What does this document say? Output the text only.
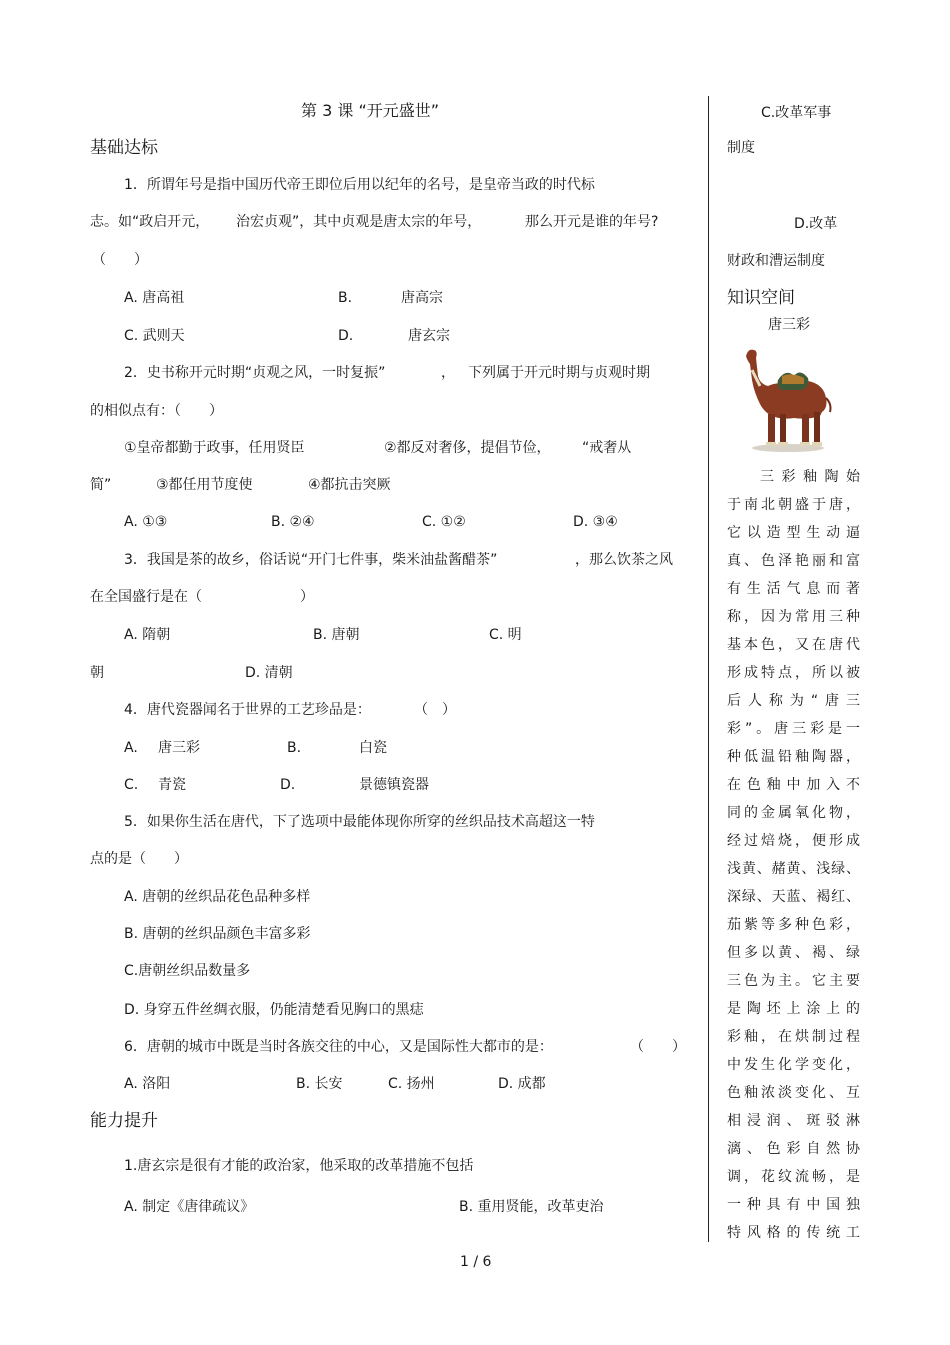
第 3 课 “开元盛世”
基础达标
1．所谓年号是指中国历代帝王即位后用以纪年的名号，是皇帝当政的时代标
志。如“政启开元， 治宏贞观”，其中贞观是唐太宗的年号，	那么开元是谁的年号?
（　　）
A. 唐高祖	B.	唐高宗
C. 武则天	D.	唐玄宗
2．史书称开元时期“贞观之风，一时复振”	， 下列属于开元时期与贞观时期
的相似点有：（　　）
①皇帝都勤于政事，任用贤臣	②都反对奢侈，提倡节俭， “戒奢从
简”	③都任用节度使	④都抗击突厥
A. ①③	B. ②④	C. ①②	D. ③④
3．我国是茶的故乡，俗话说“开门七件事，柴米油盐酱醋茶”	，那么饮茶之风
在全国盛行是在（	）
A. 隋朝	B. 唐朝	C. 明
朝	D. 清朝
4．唐代瓷器闻名于世界的工艺珍品是：	（　）
A. 唐三彩	B.	白瓷
C. 青瓷	D.	景德镇瓷器
5．如果你生活在唐代，下了选项中最能体现你所穿的丝织品技术高超这一特
点的是（　　）
A. 唐朝的丝织品花色品种多样
B. 唐朝的丝织品颜色丰富多彩
C.唐朝丝织品数量多
D. 身穿五件丝绸衣服，仍能清楚看见胸口的黑痣
6．唐朝的城市中既是当时各族交往的中心，又是国际性大都市的是：	（　　）
A. 洛阳	B. 长安	C. 扬州	D. 成都
能力提升
1.唐玄宗是很有才能的政治家，他采取的改革措施不包括
A. 制定《唐律疏议》	B. 重用贤能，改革吏治
C.改革军事
制度
D.改革
财政和漕运制度
知识空间
唐三彩
三彩釉陶始
于南北朝盛于唐，
它以造型生动逼
真、色泽艳丽和富
有生活气息而著
称，因为常用三种
基本色，又在唐代
形成特点，所以被
后人称为“唐三
彩”。唐三彩是一
种低温铅釉陶器，
在色釉中加入不
同的金属氧化物，
经过焙烧，便形成
浅黄、赭黄、浅绿、
深绿、天蓝、褐红、
茄紫等多种色彩，
但多以黄、褐、绿
三色为主。它主要
是陶坯上涂上的
彩釉，在烘制过程
中发生化学变化，
色釉浓淡变化、互
相浸润、斑驳淋
漓、色彩自然协
调，花纹流畅，是
一种具有中国独
特风格的传统工
1 / 6
